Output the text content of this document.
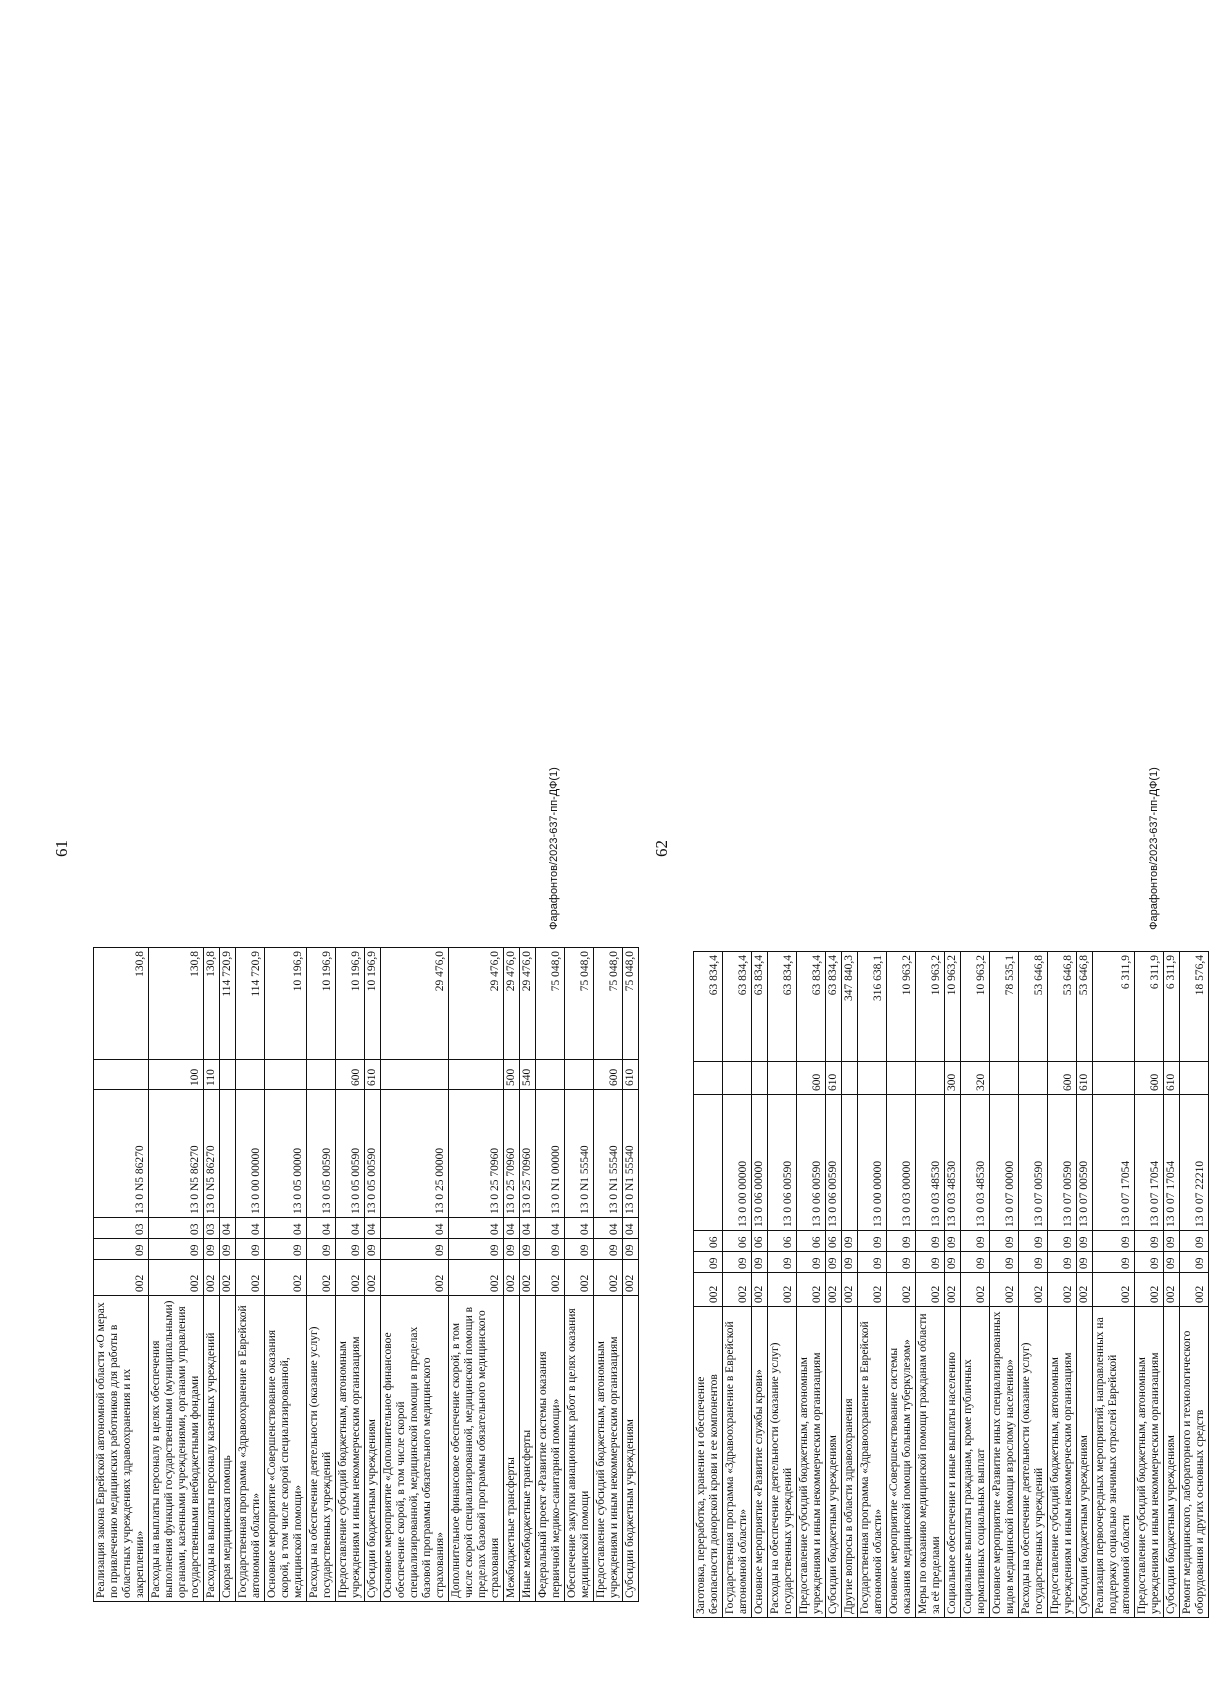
61
Реализация закона Еврейской автономной области «О мерах по привлечению медицинских работников для работы в областных учреждениях здравоохранения и их закреплении»	002	09	03	13 0 N5 86270		130,8
Расходы на выплаты персоналу в целях обеспечения выполнения функций государственными (муниципальными) органами, казенными учреждениями, органами управления государственными внебюджетными фондами	002	09	03	13 0 N5 86270	100	130,8
Расходы на выплаты персоналу казенных учреждений	002	09	03	13 0 N5 86270	110	130,8
Скорая медицинская помощь	002	09	04			114 720,9
Государственная программа «Здравоохранение в Еврейской автономной области»	002	09	04	13 0 00 00000		114 720,9
Основное мероприятие «Совершенствование оказания скорой, в том числе скорой специализированной, медицинской помощи»	002	09	04	13 0 05 00000		10 196,9
Расходы на обеспечение деятельности (оказание услуг) государственных учреждений	002	09	04	13 0 05 00590		10 196,9
Предоставление субсидий бюджетным, автономным учреждениям и иным некоммерческим организациям	002	09	04	13 0 05 00590	600	10 196,9
Субсидии бюджетным учреждениям	002	09	04	13 0 05 00590	610	10 196,9
Основное мероприятие «Дополнительное финансовое обеспечение скорой, в том числе скорой специализированной, медицинской помощи в пределах базовой программы обязательного медицинского страхования»	002	09	04	13 0 25 00000		29 476,0
Дополнительное финансовое обеспечение скорой, в том числе скорой специализированной, медицинской помощи в пределах базовой программы обязательного медицинского страхования	002	09	04	13 0 25 70960		29 476,0
Межбюджетные трансферты	002	09	04	13 0 25 70960	500	29 476,0
Иные межбюджетные трансферты	002	09	04	13 0 25 70960	540	29 476,0
Федеральный проект «Развитие системы оказания первичной медико-санитарной помощи»	002	09	04	13 0 N1 00000		75 048,0
Обеспечение закупки авиационных работ в целях оказания медицинской помощи	002	09	04	13 0 N1 55540		75 048,0
Предоставление субсидий бюджетным, автономным учреждениям и иным некоммерческим организациям	002	09	04	13 0 N1 55540	600	75 048,0
Субсидии бюджетным учреждениям	002	09	04	13 0 N1 55540	610	75 048,0
Фарафонтов/2023-637-пп-ДФ(1)	62
Заготовка, переработка, хранение и обеспечение безопасности донорской крови и ее компонентов	002	09	06			63 834,4
Государственная программа «Здравоохранение в Еврейской автономной области»	002	09	06	13 0 00 00000		63 834,4
Основное мероприятие «Развитие службы крови»	002	09	06	13 0 06 00000		63 834,4
Расходы на обеспечение деятельности (оказание услуг) государственных учреждений	002	09	06	13 0 06 00590		63 834,4
Предоставление субсидий бюджетным, автономным учреждениям и иным некоммерческим организациям	002	09	06	13 0 06 00590	600	63 834,4
Субсидии бюджетным учреждениям	002	09	06	13 0 06 00590	610	63 834,4
Другие вопросы в области здравоохранения	002	09	09			347 840,3
Государственная программа «Здравоохранение в Еврейской автономной области»	002	09	09	13 0 00 00000		316 638,1
Основное мероприятие «Совершенствование системы оказания медицинской помощи больным туберкулезом»	002	09	09	13 0 03 00000		10 963,2
Меры по оказанию медицинской помощи гражданам области за её пределами	002	09	09	13 0 03 48530		10 963,2
Социальное обеспечение и иные выплаты населению	002	09	09	13 0 03 48530	300	10 963,2
Социальные выплаты гражданам, кроме публичных нормативных социальных выплат	002	09	09	13 0 03 48530	320	10 963,2
Основное мероприятие «Развитие иных специализированных видов медицинской помощи взрослому населению»	002	09	09	13 0 07 00000		78 535,1
Расходы на обеспечение деятельности (оказание услуг) государственных учреждений	002	09	09	13 0 07 00590		53 646,8
Предоставление субсидий бюджетным, автономным учреждениям и иным некоммерческим организациям	002	09	09	13 0 07 00590	600	53 646,8
Субсидии бюджетным учреждениям	002	09	09	13 0 07 00590	610	53 646,8
Реализация первоочередных мероприятий, направленных на поддержку социально значимых отраслей Еврейской автономной области	002	09	09	13 0 07 17054		6 311,9
Предоставление субсидий бюджетным, автономным учреждениям и иным некоммерческим организациям	002	09	09	13 0 07 17054	600	6 311,9
Субсидии бюджетным учреждениям	002	09	09	13 0 07 17054	610	6 311,9
Ремонт медицинского, лабораторного и технологического оборудования и других основных средств	002	09	09	13 0 07 22210		18 576,4
Фарафонтов/2023-637-пп-ДФ(1)
